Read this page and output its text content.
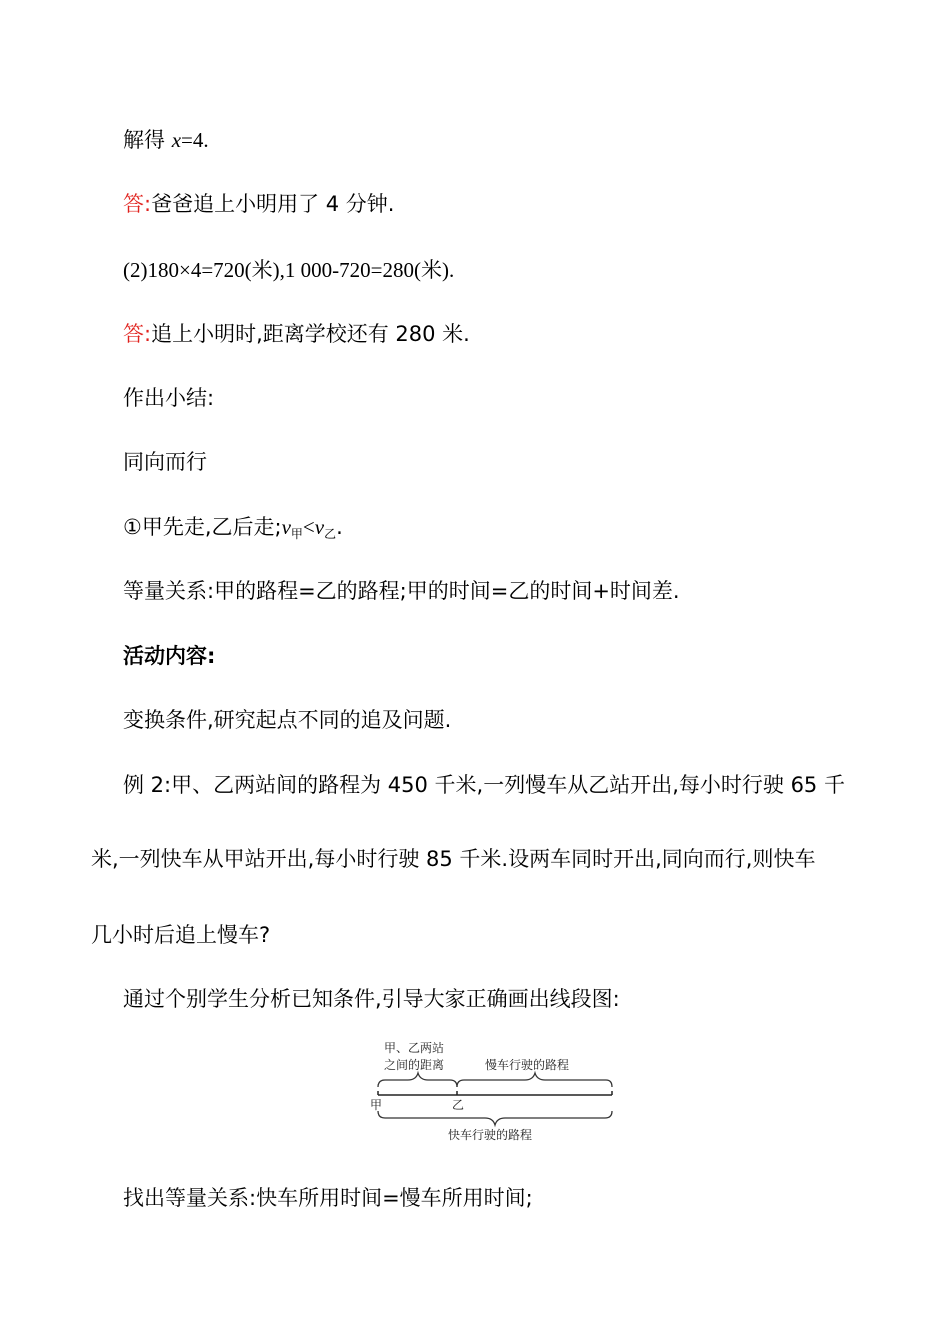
解得 x=4.
答:爸爸追上小明用了 4 分钟.
(2)180×4=720(米),1 000-720=280(米).
答:追上小明时,距离学校还有 280 米.
作出小结:
同向而行
①甲先走,乙后走$;v_甲<v_乙$.
等量关系:甲的路程=乙的路程;甲的时间=乙的时间+时间差.
活动内容:
变换条件,研究起点不同的追及问题.
例 2:甲、乙两站间的路程为 450 千米,一列慢车从乙站开出,每小时行驶 65 千
米,一列快车从甲站开出,每小时行驶 85 千米.设两车同时开出,同向而行,则快车
几小时后追上慢车?
通过个别学生分析已知条件,引导大家正确画出线段图:
甲、乙两站
之间的距离	慢车行驶的路程
甲	乙
快车行驶的路程
找出等量关系:快车所用时间=慢车所用时间;
